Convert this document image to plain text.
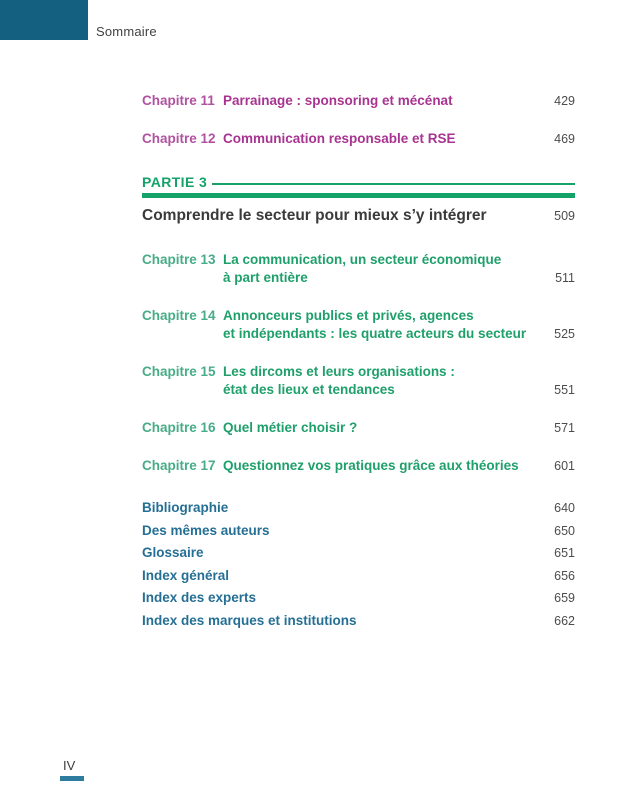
Sommaire
Chapitre 11 Parrainage : sponsoring et mécénat	429
Chapitre 12 Communication responsable et RSE	469
PARTIE 3
Comprendre le secteur pour mieux s’y intégrer	509
Chapitre 13 La communication, un secteur économique
à part entière	511
Chapitre 14 Annonceurs publics et privés, agences
et indépendants : les quatre acteurs du secteur	525
Chapitre 15 Les dircoms et leurs organisations :
état des lieux et tendances	551
Chapitre 16 Quel métier choisir ?	571
Chapitre 17 Questionnez vos pratiques grâce aux théories	601
Bibliographie	640
Des mêmes auteurs	650
Glossaire	651
Index général	656
Index des experts	659
Index des marques et institutions	662
IV
